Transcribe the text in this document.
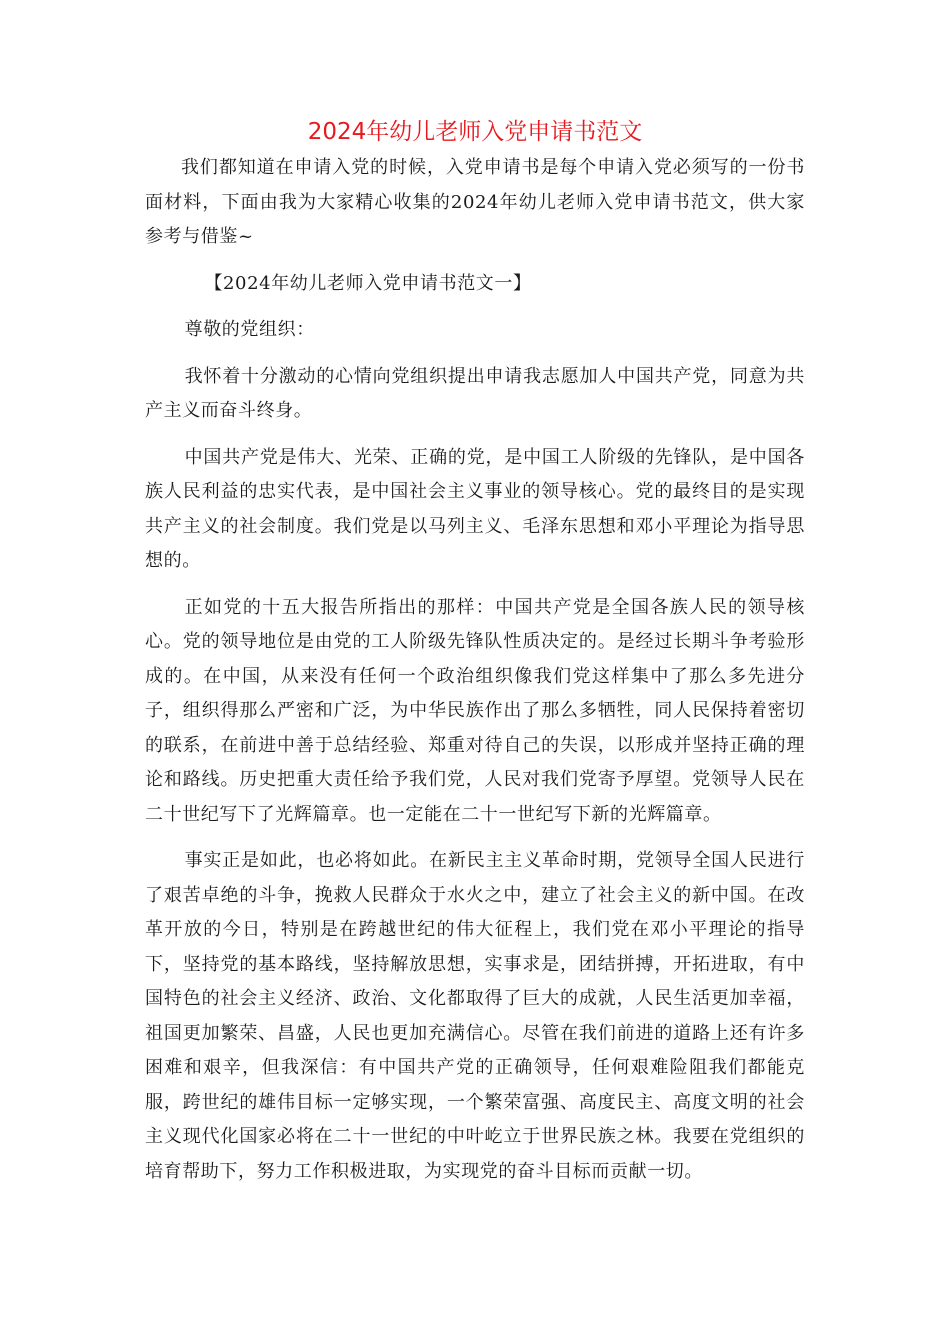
2024年幼儿老师入党申请书范文

我们都知道在申请入党的时候，入党申请书是每个申请入党必须写的一份书面材料，下面由我为大家精心收集的2024年幼儿老师入党申请书范文，供大家参考与借鉴~

【2024年幼儿老师入党申请书范文一】

尊敬的党组织：

我怀着十分激动的心情向党组织提出申请我志愿加人中国共产党，同意为共产主义而奋斗终身。

中国共产党是伟大、光荣、正确的党，是中国工人阶级的先锋队，是中国各族人民利益的忠实代表，是中国社会主义事业的领导核心。党的最终目的是实现共产主义的社会制度。我们党是以马列主义、毛泽东思想和邓小平理论为指导思想的。

正如党的十五大报告所指出的那样：中国共产党是全国各族人民的领导核心。党的领导地位是由党的工人阶级先锋队性质决定的。是经过长期斗争考验形成的。在中国，从来没有任何一个政治组织像我们党这样集中了那么多先进分子，组织得那么严密和广泛，为中华民族作出了那么多牺牲，同人民保持着密切的联系，在前进中善于总结经验、郑重对待自己的失误，以形成并坚持正确的理论和路线。历史把重大责任给予我们党，人民对我们党寄予厚望。党领导人民在二十世纪写下了光辉篇章。也一定能在二十一世纪写下新的光辉篇章。

事实正是如此，也必将如此。在新民主主义革命时期，党领导全国人民进行了艰苦卓绝的斗争，挽救人民群众于水火之中，建立了社会主义的新中国。在改革开放的今日，特别是在跨越世纪的伟大征程上，我们党在邓小平理论的指导下，坚持党的基本路线，坚持解放思想，实事求是，团结拼搏，开拓进取，有中国特色的社会主义经济、政治、文化都取得了巨大的成就，人民生活更加幸福，祖国更加繁荣、昌盛，人民也更加充满信心。尽管在我们前进的道路上还有许多困难和艰辛，但我深信：有中国共产党的正确领导，任何艰难险阻我们都能克服，跨世纪的雄伟目标一定够实现，一个繁荣富强、高度民主、高度文明的社会主义现代化国家必将在二十一世纪的中叶屹立于世界民族之林。我要在党组织的培育帮助下，努力工作积极进取，为实现党的奋斗目标而贡献一切。
